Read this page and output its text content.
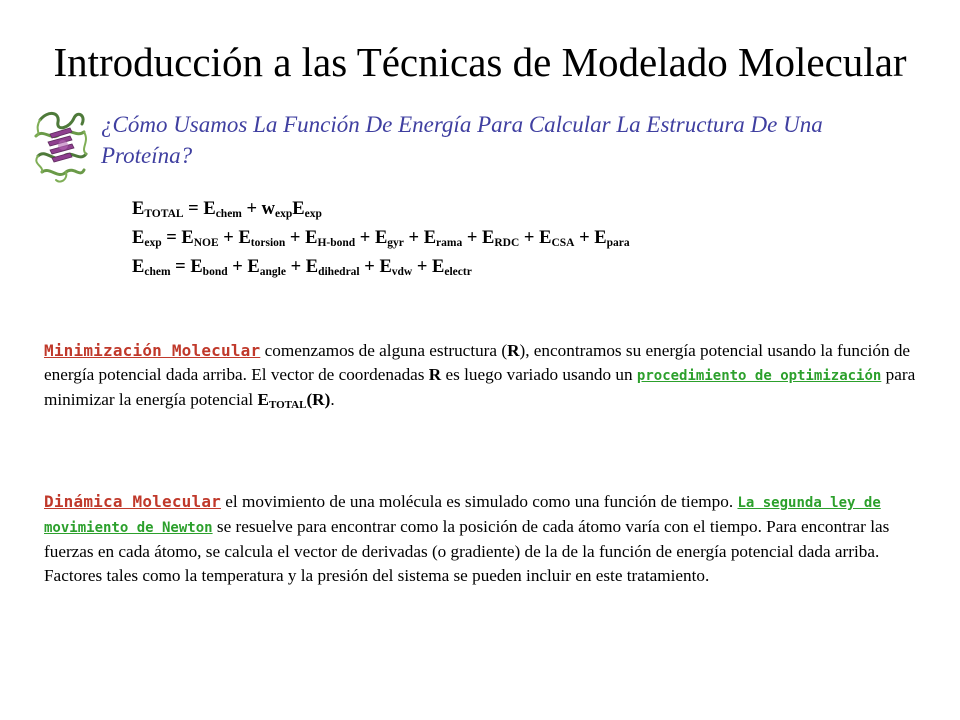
Introducción a las Técnicas de Modelado Molecular
¿Cómo Usamos La Función De Energía Para Calcular La Estructura De Una Proteína?
$E_{TOTAL} = E_{chem} + w_{exp}E_{exp}$
$E_{exp} = E_{NOE} + E_{torsion} + E_{H-bond} + E_{gyr} + E_{rama} + E_{RDC} + E_{CSA} + E_{para}$
$E_{chem} = E_{bond} + E_{angle} + E_{dihedral} + E_{vdw} + E_{electr}$
Minimización Molecular comenzamos de alguna estructura (R), encontramos su energía potencial usando la función de energía potencial dada arriba. El vector de coordenadas R es luego variado usando un procedimiento de optimización para minimizar la energía potencial $E_{TOTAL}(R)$.
Dinámica Molecular el movimiento de una molécula es simulado como una función de tiempo. La segunda ley de movimiento de Newton se resuelve para encontrar como la posición de cada átomo varía con el tiempo. Para encontrar las fuerzas en cada átomo, se calcula el vector de derivadas (o gradiente) de la de la función de energía potencial dada arriba. Factores tales como la temperatura y la presión del sistema se pueden incluir en este tratamiento.
